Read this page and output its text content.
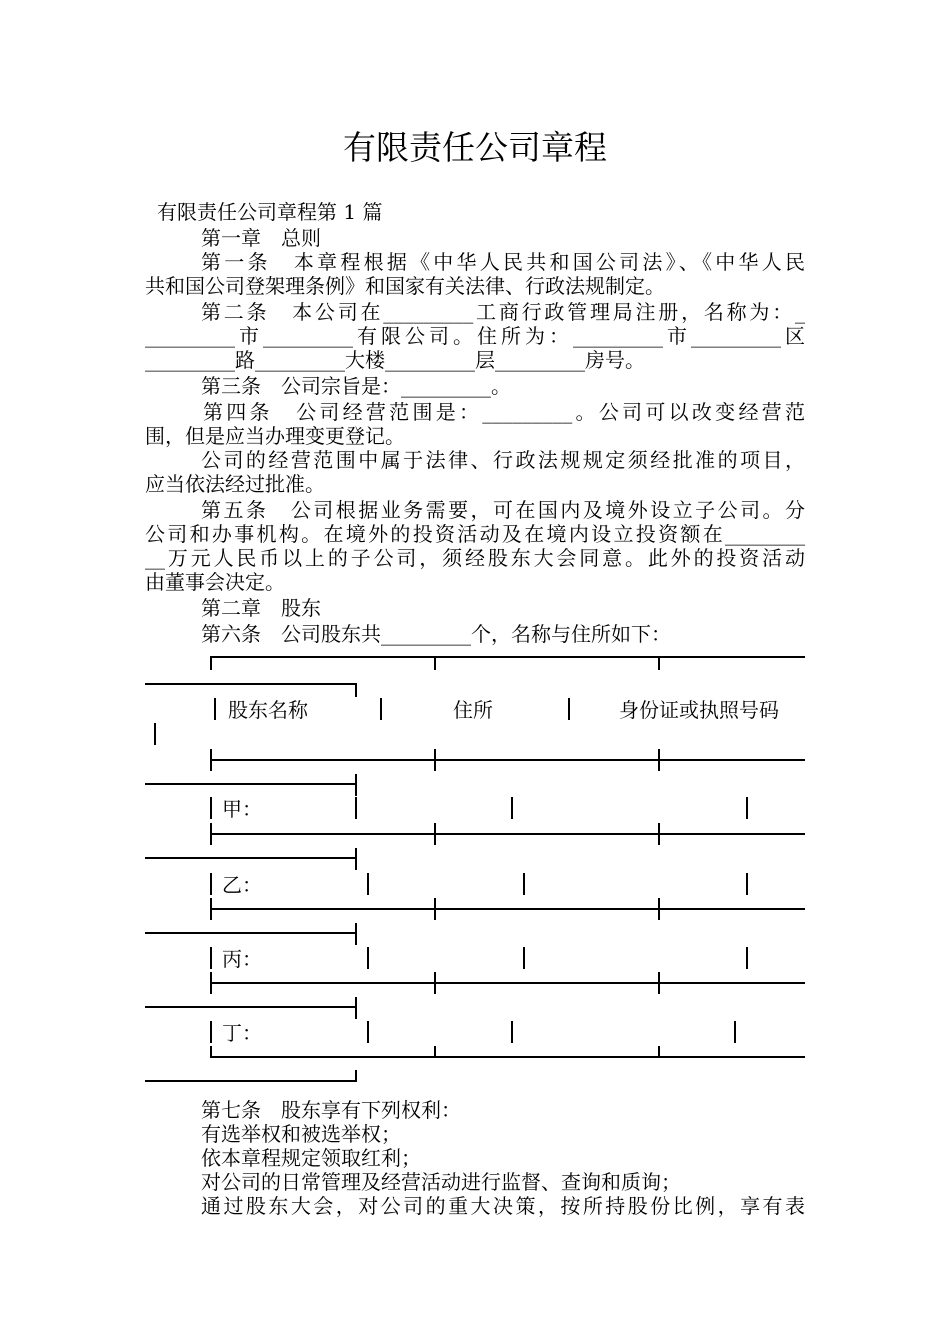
有限责任公司章程
有限责任公司章程第 1 篇
第一章　总则
第一条　本章程根据《中华人民共和国公司法》、《中华人民
共和国公司登架理条例》和国家有关法律、行政法规制定。
第二条　本公司在_________工商行政管理局注册，名称为：_
_________市_________有限公司。住所为：_________市_________区
_________路_________大楼_________层_________房号。
第三条　公司宗旨是：_________。
第四条　公司经营范围是：_________。公司可以改变经营范
围，但是应当办理变更登记。
公司的经营范围中属于法律、行政法规规定须经批准的项目，
应当依法经过批准。
第五条　公司根据业务需要，可在国内及境外设立子公司。分
公司和办事机构。在境外的投资活动及在境内设立投资额在________
__万元人民币以上的子公司，须经股东大会同意。此外的投资活动
由董事会决定。
第二章　股东
第六条　公司股东共_________个，名称与住所如下：
股东名称	住所	身份证或执照号码
甲：
乙：
丙：
丁：
第七条　股东享有下列权利：
有选举权和被选举权；
依本章程规定领取红利；
对公司的日常管理及经营活动进行监督、查询和质询；
通过股东大会，对公司的重大决策，按所持股份比例，享有表
